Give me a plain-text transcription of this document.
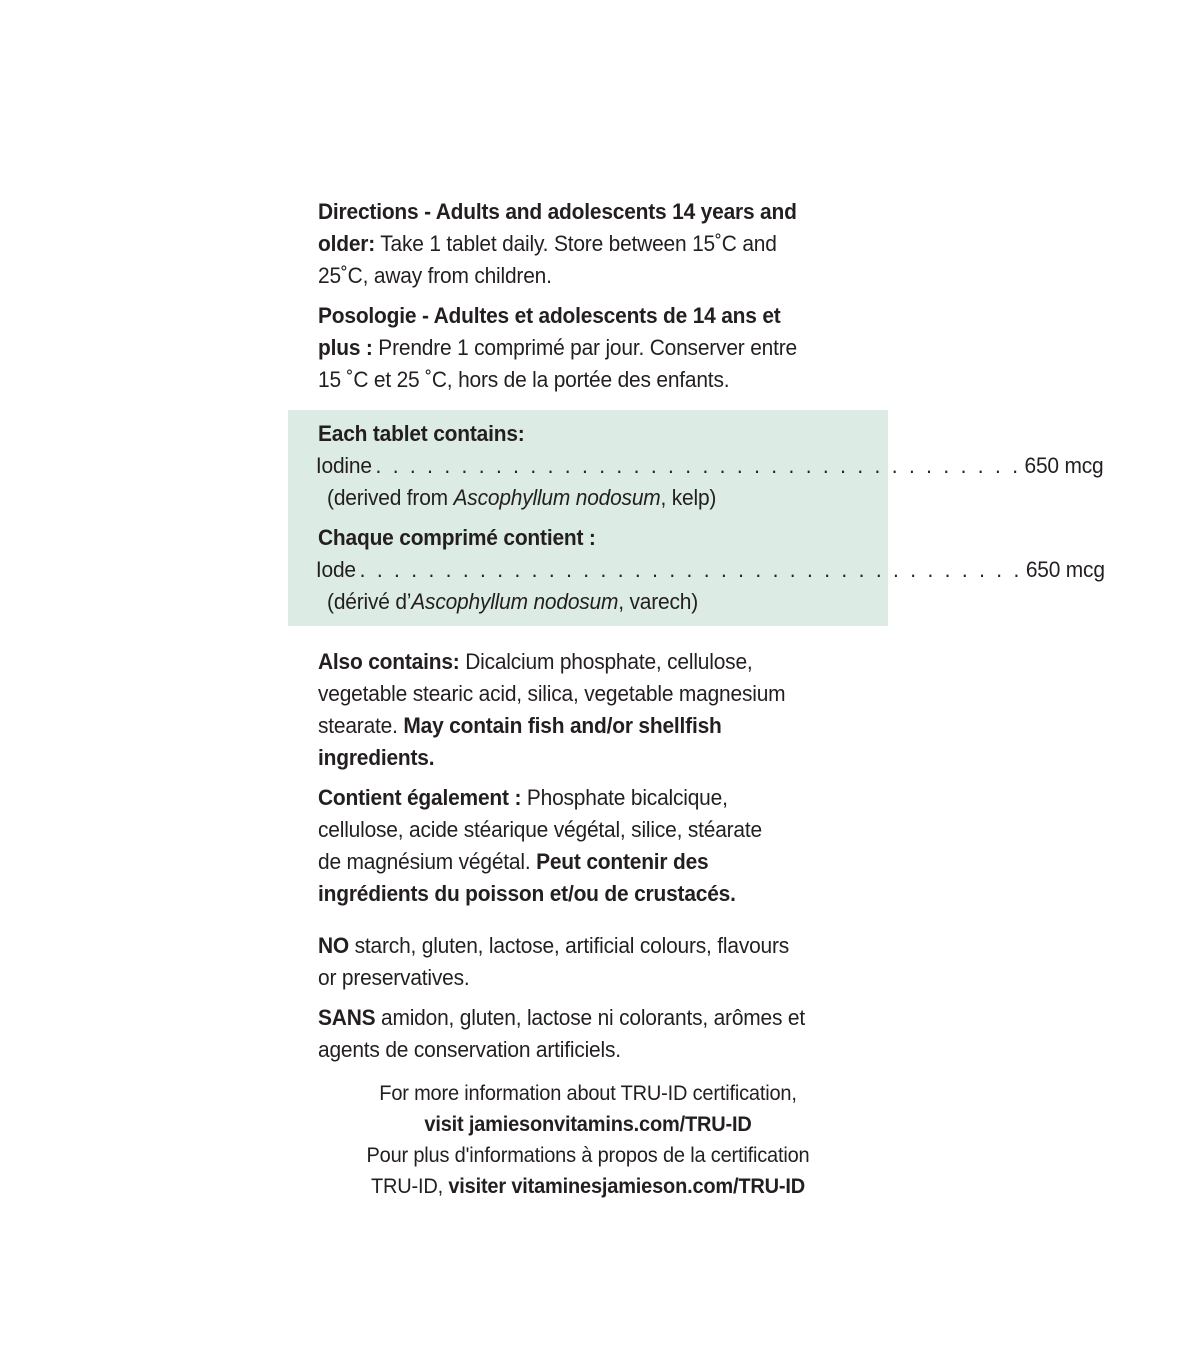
Directions - Adults and adolescents 14 years and
older: Take 1 tablet daily. Store between 15˚C and
25˚C, away from children.
Posologie - Adultes et adolescents de 14 ans et
plus : Prendre 1 comprimé par jour. Conserver entre
15 ˚C et 25 ˚C, hors de la portée des enfants.
Each tablet contains:
Iodine . . . . . . . . . . . . . . . . . . . . . . . . . . . . . . . . . . . . . . 650 mcg
(derived from Ascophyllum nodosum, kelp)
Chaque comprimé contient :
Iode . . . . . . . . . . . . . . . . . . . . . . . . . . . . . . . . . . . . . . . 650 mcg
(dérivé d’Ascophyllum nodosum, varech)
Also contains: Dicalcium phosphate, cellulose,
vegetable stearic acid, silica, vegetable magnesium
stearate. May contain fish and/or shellfish
ingredients.
Contient également : Phosphate bicalcique,
cellulose, acide stéarique végétal, silice, stéarate
de magnésium végétal. Peut contenir des
ingrédients du poisson et/ou de crustacés.
NO starch, gluten, lactose, artificial colours, flavours
or preservatives.
SANS amidon, gluten, lactose ni colorants, arômes et
agents de conservation artificiels.
For more information about TRU-ID certification,
visit jamiesonvitamins.com/TRU-ID
Pour plus d'informations à propos de la certification
TRU-ID, visiter vitaminesjamieson.com/TRU-ID
